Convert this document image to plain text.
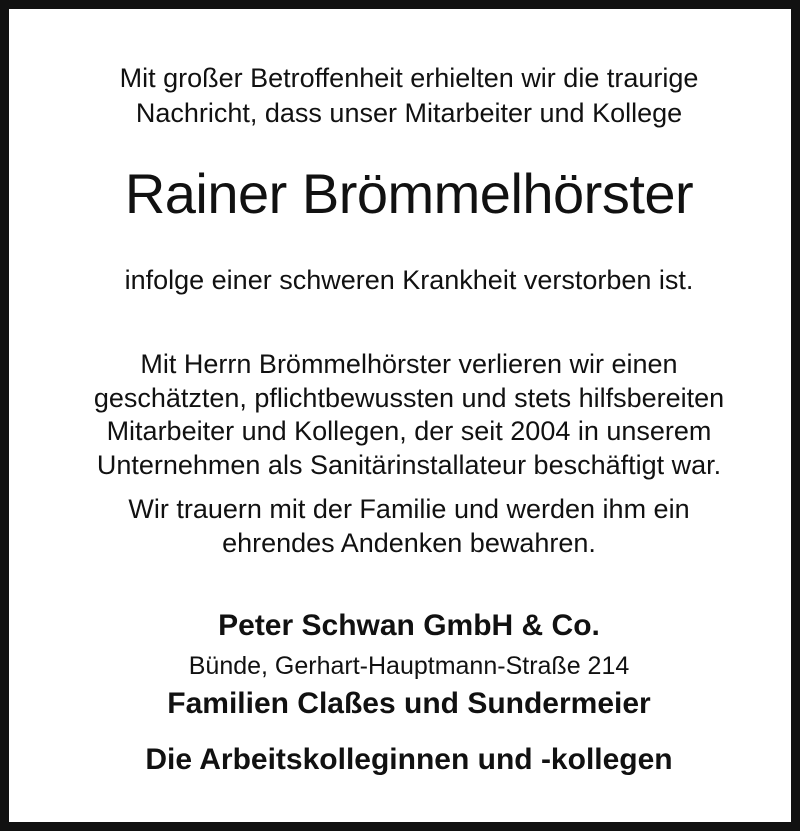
Mit großer Betroffenheit erhielten wir die traurige
Nachricht, dass unser Mitarbeiter und Kollege
Rainer Brömmelhörster
infolge einer schweren Krankheit verstorben ist.
Mit Herrn Brömmelhörster verlieren wir einen
geschätzten, pflichtbewussten und stets hilfsbereiten
Mitarbeiter und Kollegen, der seit 2004 in unserem
Unternehmen als Sanitärinstallateur beschäftigt war.
Wir trauern mit der Familie und werden ihm ein
ehrendes Andenken bewahren.
Peter Schwan GmbH & Co.
Bünde, Gerhart-Hauptmann-Straße 214
Familien Claßes und Sundermeier
Die Arbeitskolleginnen und -kollegen
